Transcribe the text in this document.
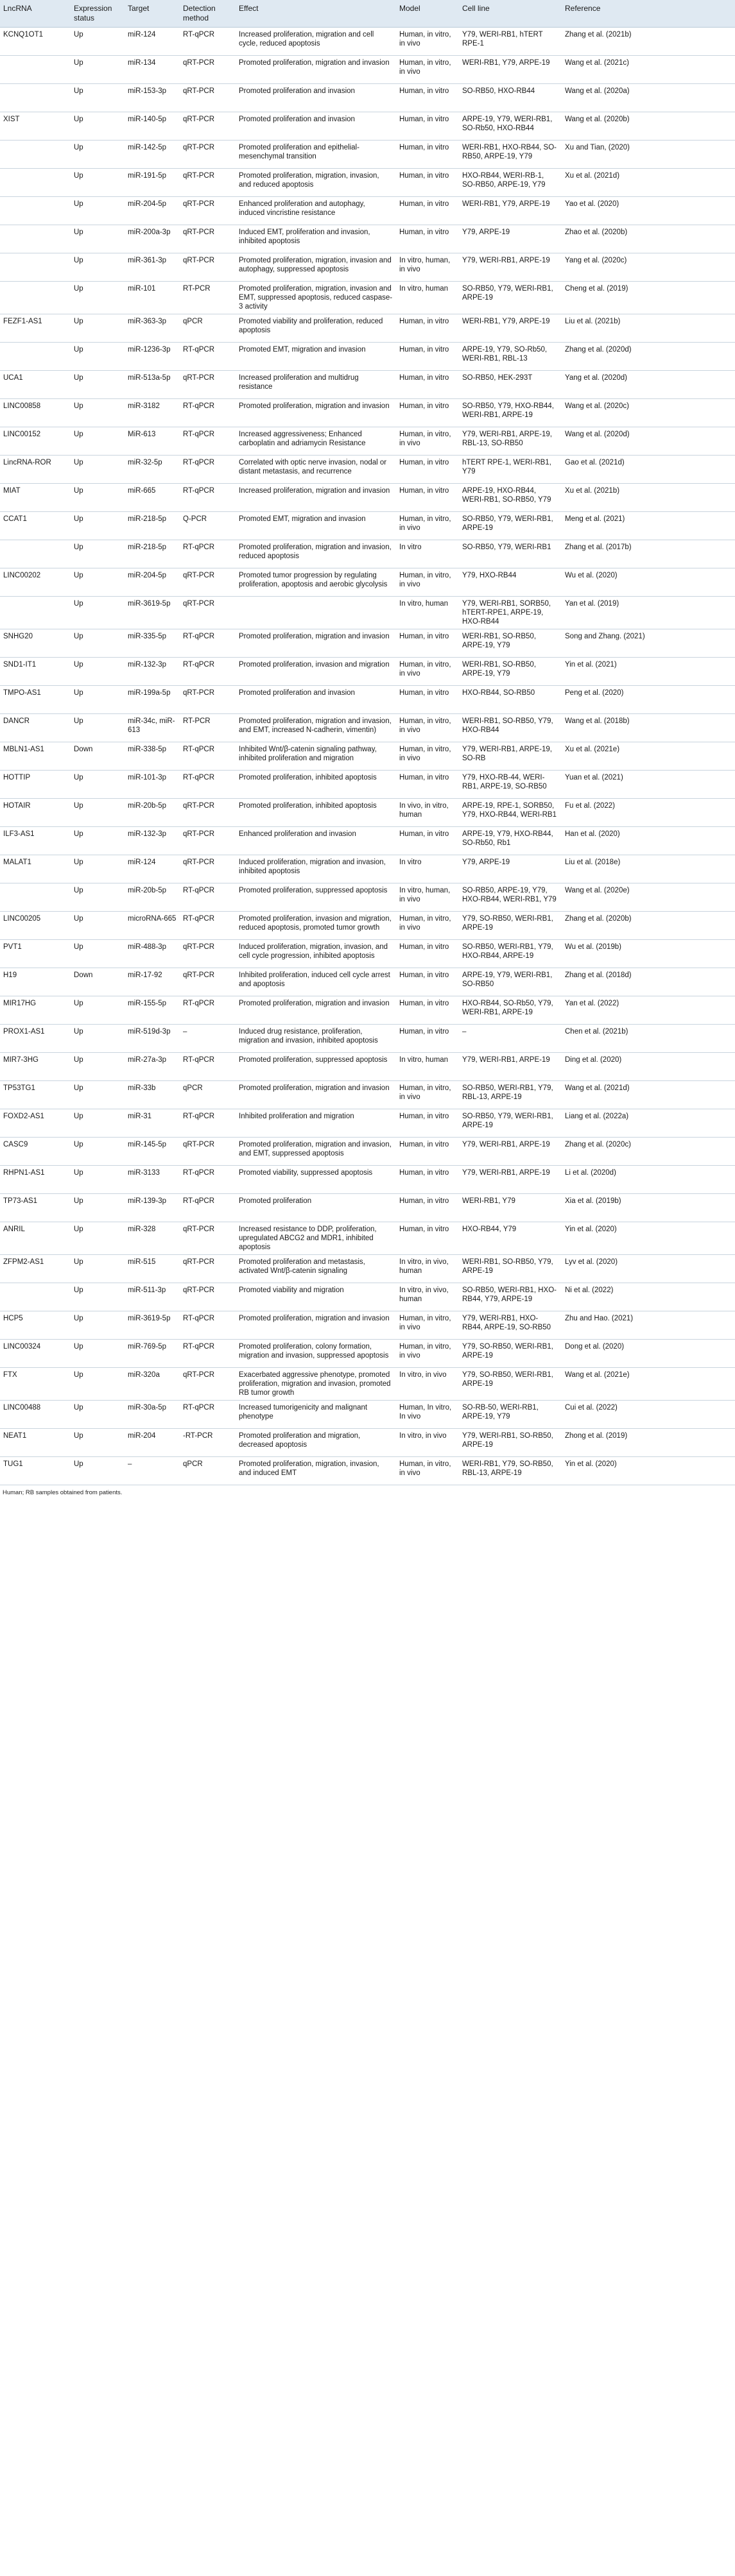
LncRNA	Expression status	Target	Detection method	Effect	Model	Cell line	Reference
KCNQ1OT1	Up	miR-124	RT-qPCR	Increased proliferation, migration and cell cycle, reduced apoptosis	Human, in vitro, in vivo	Y79, WERI-RB1, hTERT RPE-1	Zhang et al. (2021b)
	Up	miR-134	qRT-PCR	Promoted proliferation, migration and invasion	Human, in vitro, in vivo	WERI-RB1, Y79, ARPE-19	Wang et al. (2021c)
	Up	miR-153-3p	qRT-PCR	Promoted proliferation and invasion	Human, in vitro	SO-RB50, HXO-RB44	Wang et al. (2020a)
XIST	Up	miR-140-5p	qRT-PCR	Promoted proliferation and invasion	Human, in vitro	ARPE-19, Y79, WERI-RB1, SO-Rb50, HXO-RB44	Wang et al. (2020b)
	Up	miR-142-5p	qRT-PCR	Promoted proliferation and epithelial-mesenchymal transition	Human, in vitro	WERI-RB1, HXO-RB44, SO-RB50, ARPE-19, Y79	Xu and Tian, (2020)
	Up	miR-191-5p	qRT-PCR	Promoted proliferation, migration, invasion, and reduced apoptosis	Human, in vitro	HXO-RB44, WERI-RB-1, SO-RB50, ARPE-19, Y79	Xu et al. (2021d)
	Up	miR-204-5p	qRT-PCR	Enhanced proliferation and autophagy, induced vincristine resistance	Human, in vitro	WERI-RB1, Y79, ARPE-19	Yao et al. (2020)
	Up	miR-200a-3p	qRT-PCR	Induced EMT, proliferation and invasion, inhibited apoptosis	Human, in vitro	Y79, ARPE-19	Zhao et al. (2020b)
	Up	miR-361-3p	qRT-PCR	Promoted proliferation, migration, invasion and autophagy, suppressed apoptosis	In vitro, human, in vivo	Y79, WERI-RB1, ARPE-19	Yang et al. (2020c)
	Up	miR-101	RT-PCR	Promoted proliferation, migration, invasion and EMT, suppressed apoptosis, reduced caspase-3 activity	In vitro, human	SO-RB50, Y79, WERI-RB1, ARPE-19	Cheng et al. (2019)
FEZF1-AS1	Up	miR-363-3p	qPCR	Promoted viability and proliferation, reduced apoptosis	Human, in vitro	WERI-RB1, Y79, ARPE-19	Liu et al. (2021b)
	Up	miR-1236-3p	RT-qPCR	Promoted EMT, migration and invasion	Human, in vitro	ARPE-19, Y79, SO-Rb50, WERI-RB1, RBL-13	Zhang et al. (2020d)
UCA1	Up	miR-513a-5p	qRT-PCR	Increased proliferation and multidrug resistance	Human, in vitro	SO-RB50, HEK-293T	Yang et al. (2020d)
LINC00858	Up	miR-3182	RT-qPCR	Promoted proliferation, migration and invasion	Human, in vitro	SO-RB50, Y79, HXO-RB44, WERI-RB1, ARPE-19	Wang et al. (2020c)
LINC00152	Up	MiR-613	RT-qPCR	Increased aggressiveness; Enhanced carboplatin and adriamycin Resistance	Human, in vitro, in vivo	Y79, WERI-RB1, ARPE-19, RBL-13, SO-RB50	Wang et al. (2020d)
LincRNA-ROR	Up	miR-32-5p	RT-qPCR	Correlated with optic nerve invasion, nodal or distant metastasis, and recurrence	Human, in vitro	hTERT RPE-1, WERI-RB1, Y79	Gao et al. (2021d)
MIAT	Up	miR-665	RT-qPCR	Increased proliferation, migration and invasion	Human, in vitro	ARPE-19, HXO-RB44, WERI-RB1, SO-RB50, Y79	Xu et al. (2021b)
CCAT1	Up	miR-218-5p	Q-PCR	Promoted EMT, migration and invasion	Human, in vitro, in vivo	SO-RB50, Y79, WERI-RB1, ARPE-19	Meng et al. (2021)
	Up	miR-218-5p	RT-qPCR	Promoted proliferation, migration and invasion, reduced apoptosis	In vitro	SO-RB50, Y79, WERI-RB1	Zhang et al. (2017b)
LINC00202	Up	miR-204-5p	qRT-PCR	Promoted tumor progression by regulating proliferation, apoptosis and aerobic glycolysis	Human, in vitro, in vivo	Y79, HXO-RB44	Wu et al. (2020)
	Up	miR-3619-5p	qRT-PCR		In vitro, human	Y79, WERI-RB1, SORB50, hTERT-RPE1, ARPE-19, HXO-RB44	Yan et al. (2019)
SNHG20	Up	miR-335-5p	RT-qPCR	Promoted proliferation, migration and invasion	Human, in vitro	WERI-RB1, SO-RB50, ARPE-19, Y79	Song and Zhang. (2021)
SND1-IT1	Up	miR-132-3p	RT-qPCR	Promoted proliferation, invasion and migration	Human, in vitro, in vivo	WERI-RB1, SO-RB50, ARPE-19, Y79	Yin et al. (2021)
TMPO-AS1	Up	miR-199a-5p	qRT-PCR	Promoted proliferation and invasion	Human, in vitro	HXO-RB44, SO-RB50	Peng et al. (2020)
DANCR	Up	miR-34c, miR-613	RT-PCR	Promoted proliferation, migration and invasion, and EMT, increased N-cadherin, vimentin)	Human, in vitro, in vivo	WERI-RB1, SO-RB50, Y79, HXO-RB44	Wang et al. (2018b)
MBLN1-AS1	Down	miR-338-5p	RT-qPCR	Inhibited Wnt/β-catenin signaling pathway, inhibited proliferation and migration	Human, in vitro, in vivo	Y79, WERI-RB1, ARPE-19, SO-RB	Xu et al. (2021e)
HOTTIP	Up	miR-101-3p	RT-qPCR	Promoted proliferation, inhibited apoptosis	Human, in vitro	Y79, HXO-RB-44, WERI-RB1, ARPE-19, SO-RB50	Yuan et al. (2021)
HOTAIR	Up	miR-20b-5p	qRT-PCR	Promoted proliferation, inhibited apoptosis	In vivo, in vitro, human	ARPE-19, RPE-1, SORB50, Y79, HXO-RB44, WERI-RB1	Fu et al. (2022)
ILF3-AS1	Up	miR-132-3p	qRT-PCR	Enhanced proliferation and invasion	Human, in vitro	ARPE-19, Y79, HXO-RB44, SO-Rb50, Rb1	Han et al. (2020)
MALAT1	Up	miR-124	qRT-PCR	Induced proliferation, migration and invasion, inhibited apoptosis	In vitro	Y79, ARPE-19	Liu et al. (2018e)
	Up	miR-20b-5p	RT-qPCR	Promoted proliferation, suppressed apoptosis	In vitro, human, in vivo	SO-RB50, ARPE-19, Y79, HXO-RB44, WERI-RB1, Y79	Wang et al. (2020e)
LINC00205	Up	microRNA-665	RT-qPCR	Promoted proliferation, invasion and migration, reduced apoptosis, promoted tumor growth	Human, in vitro, in vivo	Y79, SO-RB50, WERI-RB1, ARPE-19	Zhang et al. (2020b)
PVT1	Up	miR-488-3p	qRT-PCR	Induced proliferation, migration, invasion, and cell cycle progression, inhibited apoptosis	Human, in vitro	SO-RB50, WERI-RB1, Y79, HXO-RB44, ARPE-19	Wu et al. (2019b)
H19	Down	miR-17-92	qRT-PCR	Inhibited proliferation, induced cell cycle arrest and apoptosis	Human, in vitro	ARPE-19, Y79, WERI-RB1, SO-RB50	Zhang et al. (2018d)
MIR17HG	Up	miR-155-5p	RT-qPCR	Promoted proliferation, migration and invasion	Human, in vitro	HXO-RB44, SO-Rb50, Y79, WERI-RB1, ARPE-19	Yan et al. (2022)
PROX1-AS1	Up	miR-519d-3p	–	Induced drug resistance, proliferation, migration and invasion, inhibited apoptosis	Human, in vitro	–	Chen et al. (2021b)
MIR7-3HG	Up	miR-27a-3p	RT-qPCR	Promoted proliferation, suppressed apoptosis	In vitro, human	Y79, WERI-RB1, ARPE-19	Ding et al. (2020)
TP53TG1	Up	miR-33b	qPCR	Promoted proliferation, migration and invasion	Human, in vitro, in vivo	SO-RB50, WERI-RB1, Y79, RBL-13, ARPE-19	Wang et al. (2021d)
FOXD2-AS1	Up	miR-31	RT-qPCR	Inhibited proliferation and migration	Human, in vitro	SO-RB50, Y79, WERI-RB1, ARPE-19	Liang et al. (2022a)
CASC9	Up	miR-145-5p	qRT-PCR	Promoted proliferation, migration and invasion, and EMT, suppressed apoptosis	Human, in vitro	Y79, WERI-RB1, ARPE-19	Zhang et al. (2020c)
RHPN1-AS1	Up	miR-3133	RT-qPCR	Promoted viability, suppressed apoptosis	Human, in vitro	Y79, WERI-RB1, ARPE-19	Li et al. (2020d)
TP73-AS1	Up	miR-139-3p	RT-qPCR	Promoted proliferation	Human, in vitro	WERI-RB1, Y79	Xia et al. (2019b)
ANRIL	Up	miR-328	qRT-PCR	Increased resistance to DDP, proliferation, upregulated ABCG2 and MDR1, inhibited apoptosis	Human, in vitro	HXO-RB44, Y79	Yin et al. (2020)
ZFPM2-AS1	Up	miR-515	qRT-PCR	Promoted proliferation and metastasis, activated Wnt/β-catenin signaling	In vitro, in vivo, human	WERI-RB1, SO-RB50, Y79, ARPE-19	Lyv et al. (2020)
	Up	miR-511-3p	qRT-PCR	Promoted viability and migration	In vitro, in vivo, human	SO-RB50, WERI-RB1, HXO-RB44, Y79, ARPE-19	Ni et al. (2022)
HCP5	Up	miR-3619-5p	RT-qPCR	Promoted proliferation, migration and invasion	Human, in vitro, in vivo	Y79, WERI-RB1, HXO-RB44, ARPE-19, SO-RB50	Zhu and Hao. (2021)
LINC00324	Up	miR-769-5p	RT-qPCR	Promoted proliferation, colony formation, migration and invasion, suppressed apoptosis	Human, in vitro, in vivo	Y79, SO-RB50, WERI-RB1, ARPE-19	Dong et al. (2020)
FTX	Up	miR-320a	qRT-PCR	Exacerbated aggressive phenotype, promoted proliferation, migration and invasion, promoted RB tumor growth	In vitro, in vivo	Y79, SO-RB50, WERI-RB1, ARPE-19	Wang et al. (2021e)
LINC00488	Up	miR-30a-5p	RT-qPCR	Increased tumorigenicity and malignant phenotype	Human, In vitro, In vivo	SO-RB-50, WERI-RB1, ARPE-19, Y79	Cui et al. (2022)
NEAT1	Up	miR-204	-RT-PCR	Promoted proliferation and migration, decreased apoptosis	In vitro, in vivo	Y79, WERI-RB1, SO-RB50, ARPE-19	Zhong et al. (2019)
TUG1	Up	–	qPCR	Promoted proliferation, migration, invasion, and induced EMT	Human, in vitro, in vivo	WERI-RB1, Y79, SO-RB50, RBL-13, ARPE-19	Yin et al. (2020)
Human; RB samples obtained from patients.
